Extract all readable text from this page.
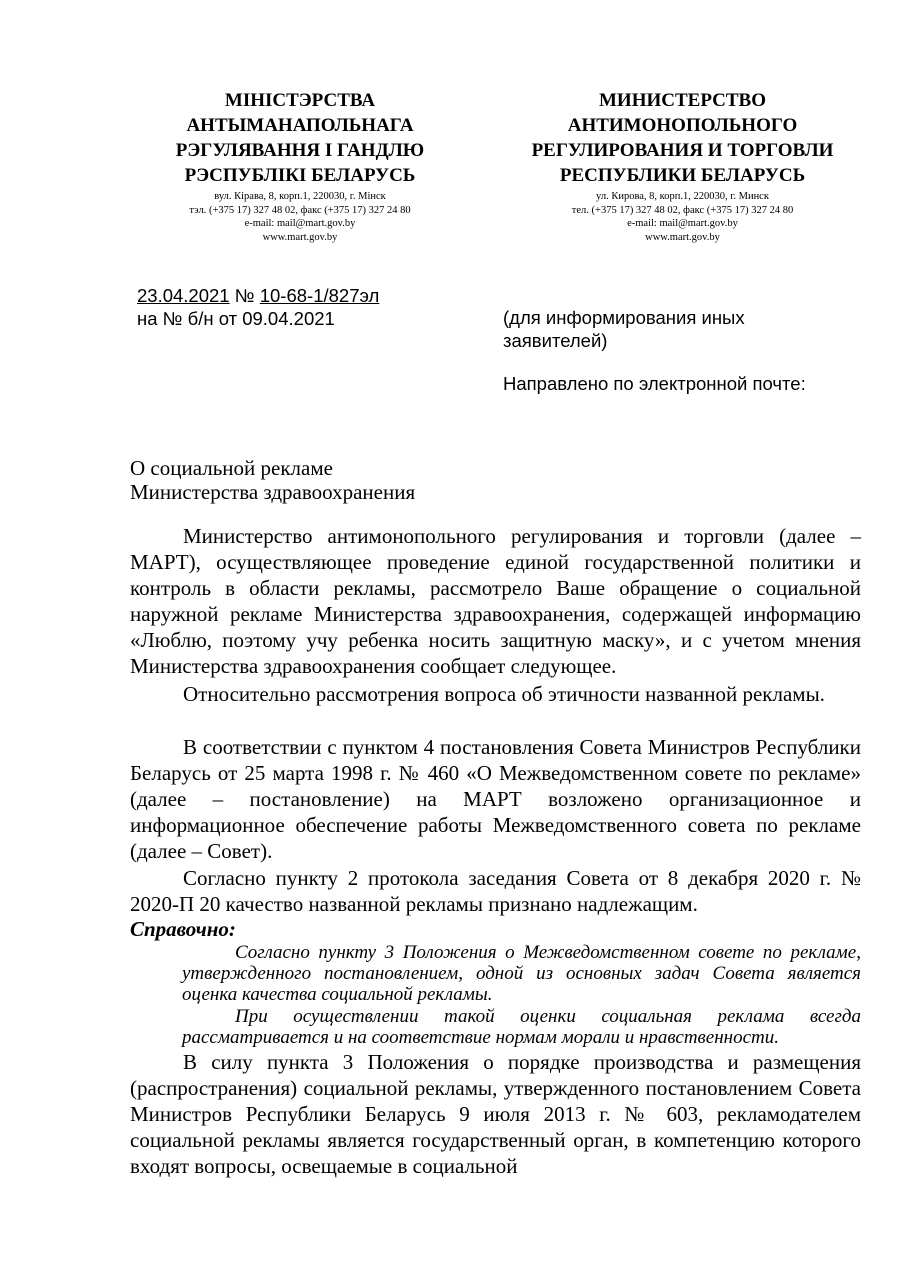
МІНІСТЭРСТВА
АНТЫМАНАПОЛЬНАГА
РЭГУЛЯВАННЯ І ГАНДЛЮ
РЭСПУБЛІКІ БЕЛАРУСЬ
вул. Кірава, 8, корп.1, 220030, г. Мінск
тэл. (+375 17) 327 48 02, факс (+375 17) 327 24 80
e-mail: mail@mart.gov.by
www.mart.gov.by
МИНИСТЕРСТВО
АНТИМОНОПОЛЬНОГО
РЕГУЛИРОВАНИЯ И ТОРГОВЛИ
РЕСПУБЛИКИ БЕЛАРУСЬ
ул. Кирова, 8, корп.1, 220030, г. Минск
тел. (+375 17) 327 48 02, факс (+375 17) 327 24 80
e-mail: mail@mart.gov.by
www.mart.gov.by
23.04.2021 № 10-68-1/827эл
на № б/н от 09.04.2021	(для информирования иных заявителей)
Направлено по электронной почте:
О социальной рекламе
Министерства здравоохранения
Министерство антимонопольного регулирования и торговли (далее – МАРТ), осуществляющее проведение единой государственной политики и контроль в области рекламы, рассмотрело Ваше обращение о социальной наружной рекламе Министерства здравоохранения, содержащей информацию «Люблю, поэтому учу ребенка носить защитную маску», и с учетом мнения Министерства здравоохранения сообщает следующее.
Относительно рассмотрения вопроса об этичности названной рекламы.
В соответствии с пунктом 4 постановления Совета Министров Республики Беларусь от 25 марта 1998 г. № 460 «О Межведомственном совете по рекламе» (далее – постановление) на МАРТ возложено организационное и информационное обеспечение работы Межведомственного совета по рекламе (далее – Совет).
Согласно пункту 2 протокола заседания Совета от 8 декабря 2020 г. № 2020-П 20 качество названной рекламы признано надлежащим.
Справочно:
Согласно пункту 3 Положения о Межведомственном совете по рекламе, утвержденного постановлением, одной из основных задач Совета является оценка качества социальной рекламы.
При осуществлении такой оценки социальная реклама всегда рассматривается и на соответствие нормам морали и нравственности.
В силу пункта 3 Положения о порядке производства и размещения (распространения) социальной рекламы, утвержденного постановлением Совета Министров Республики Беларусь 9 июля 2013 г. № 603, рекламодателем социальной рекламы является государственный орган, в компетенцию которого входят вопросы, освещаемые в социальной
